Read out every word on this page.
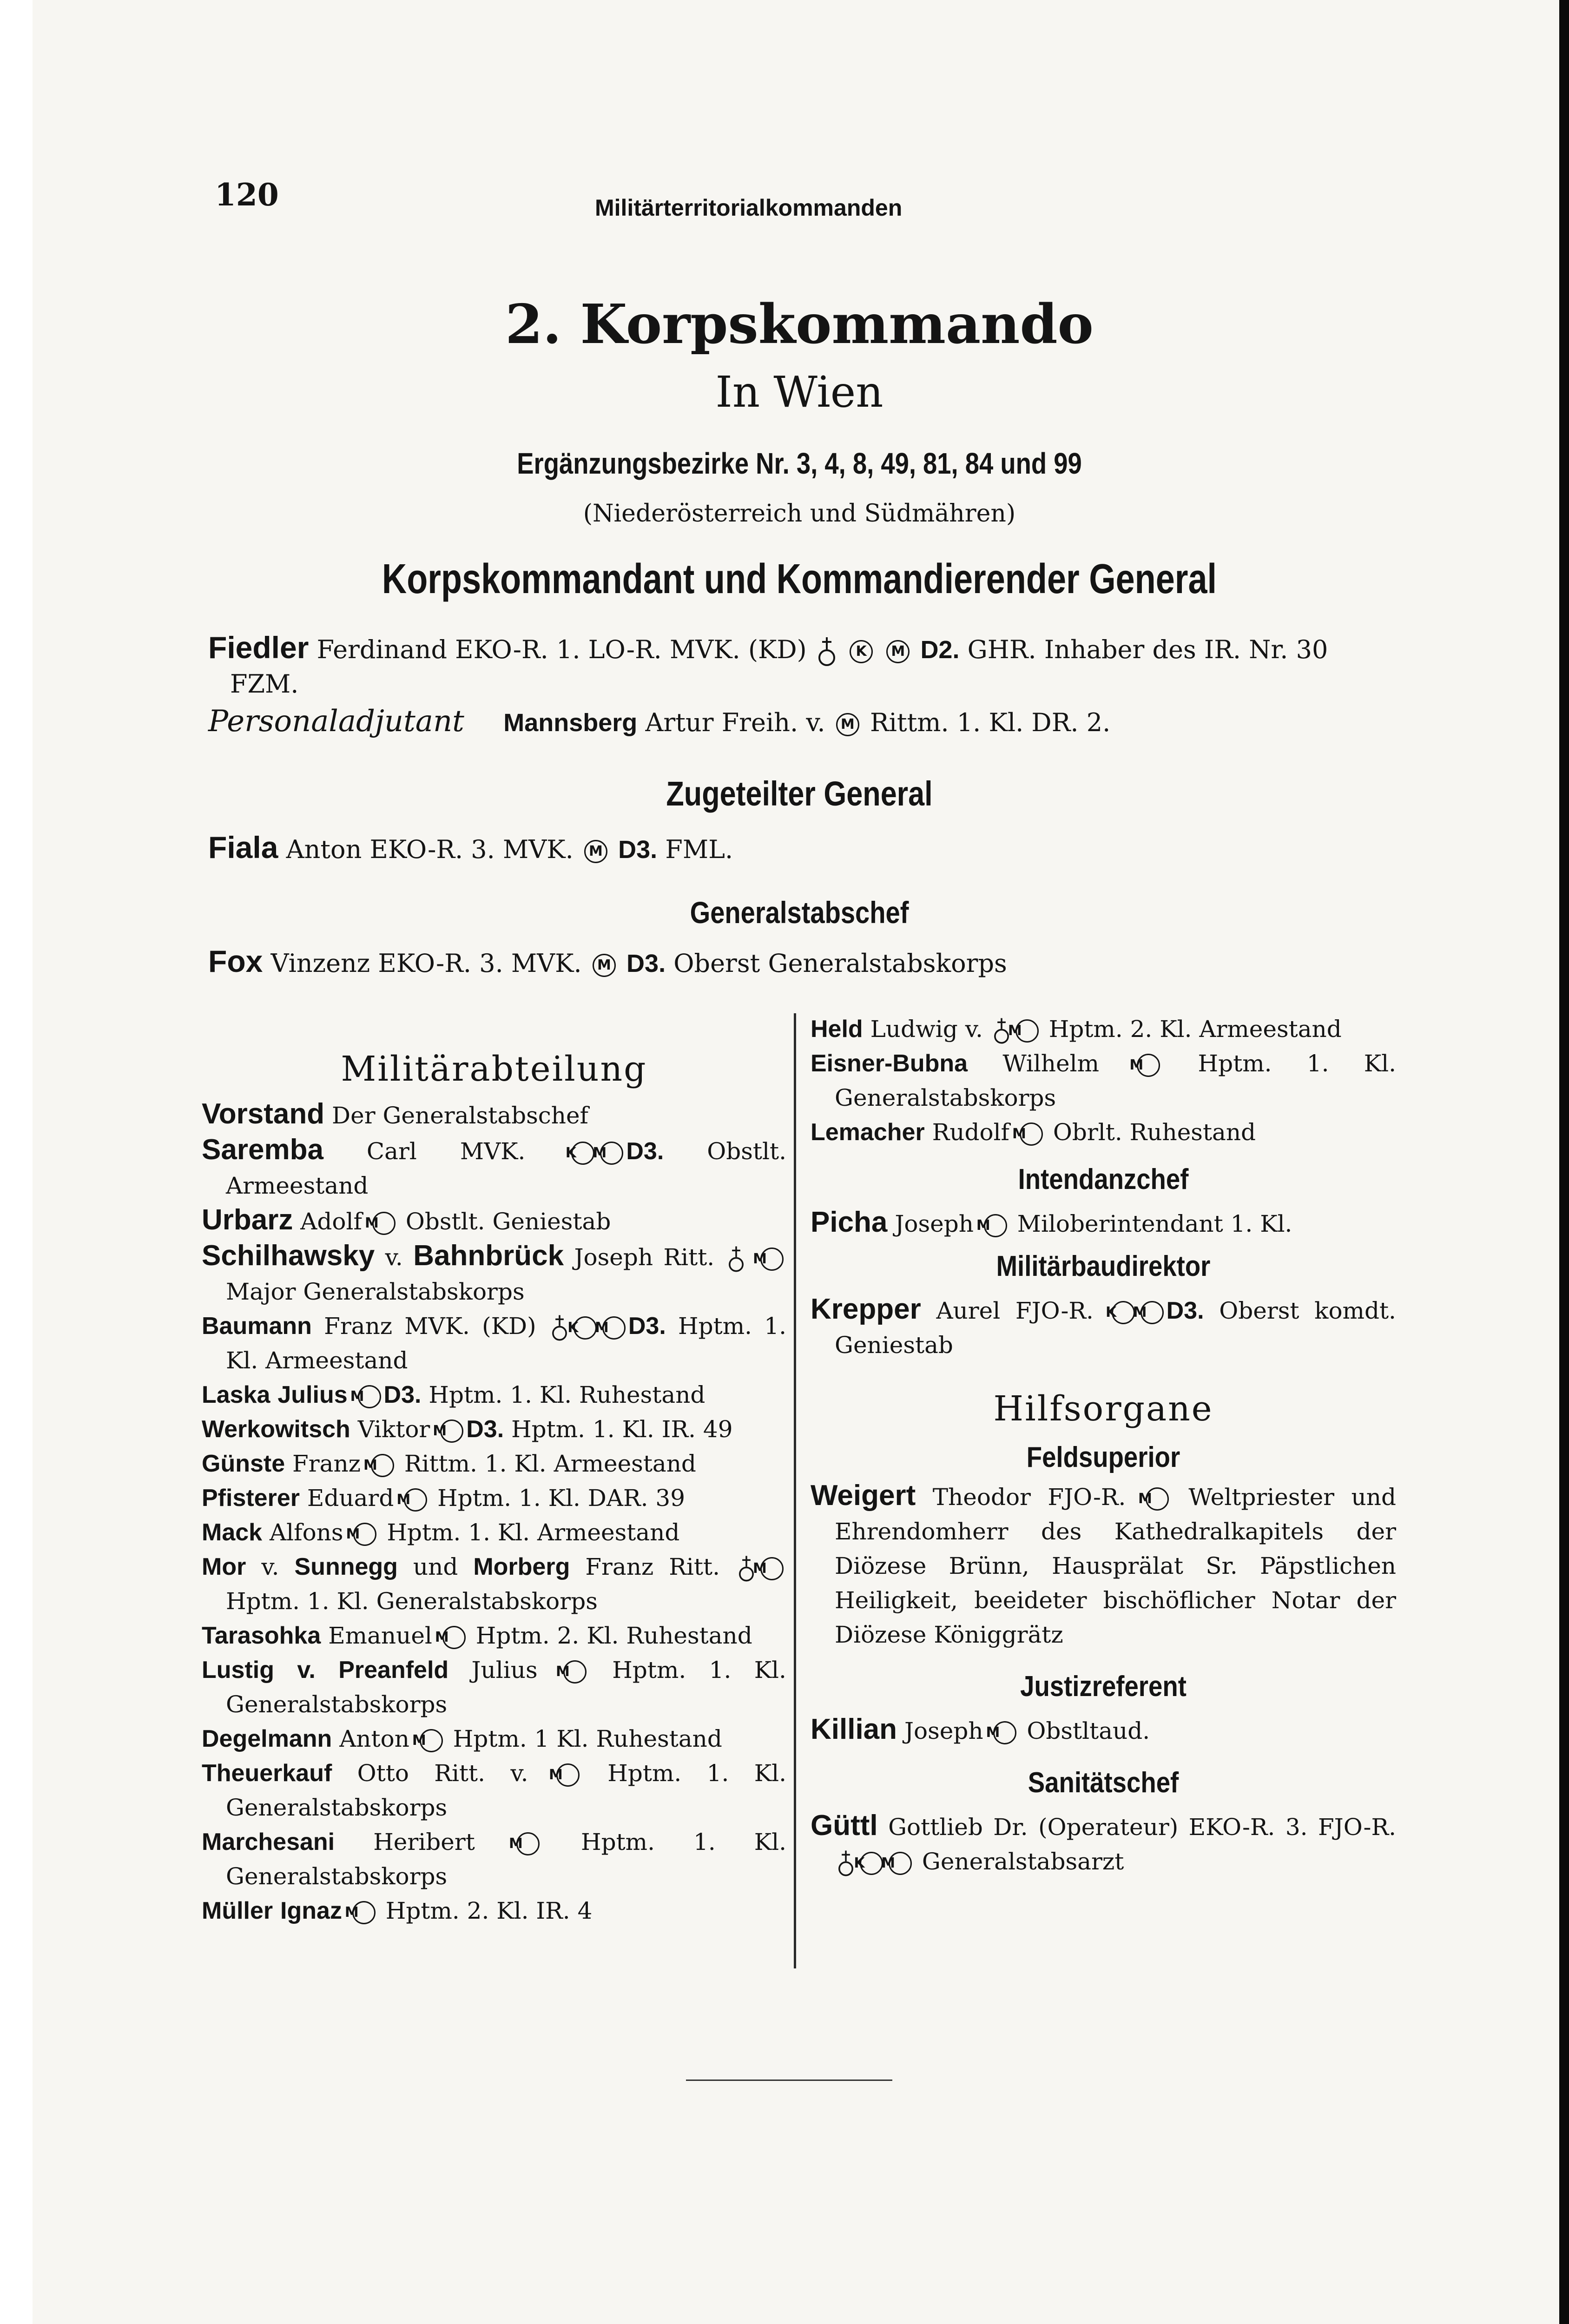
120	Militärterritorialkommanden
2. Korpskommando
In Wien
Ergänzungsbezirke Nr. 3, 4, 8, 49, 81, 84 und 99
(Niederösterreich und Südmähren)
Korpskommandant und Kommandierender General
Fiedler Ferdinand EKO-R. 1. LO-R. MVK. (KD)	K M D2. GHR. Inhaber des IR. Nr. 30
FZM.
Personaladjutant Mannsberg Artur Freih. v. M Rittm. 1. Kl. DR. 2.
Zugeteilter General
Fiala Anton EKO-R. 3. MVK. M D3. FML.
Generalstabschef
Fox Vinzenz EKO-R. 3. MVK. M D3. Oberst Generalstabskorps

Militärabteilung

Vorstand Der Generalstabschef

Saremba Carl MVK.	K M D3. Obstlt. Armeestand

Urbarz Adolf M Obstlt. Geniestab

Schilhawsky v. Bahnbrück Joseph Ritt.	M Major Generalstabskorps

Baumann Franz MVK. (KD) K M D3. Hptm. 1. Kl. Armeestand

Laska Julius M D3. Hptm. 1. Kl. Ruhestand

Werkowitsch Viktor M D3. Hptm. 1. Kl. IR. 49

Günste Franz M Rittm. 1. Kl. Armeestand

Pfisterer Eduard M Hptm. 1. Kl. DAR. 39

Mack Alfons M Hptm. 1. Kl. Armeestand

Mor v. Sunnegg und Morberg Franz Ritt. M Hptm. 1. Kl. Generalstabskorps

Tarasohka Emanuel M Hptm. 2. Kl. Ruhestand

Lustig v. Preanfeld Julius M Hptm. 1. Kl. Generalstabskorps

Degelmann Anton M Hptm. 1 Kl. Ruhestand

Theuerkauf Otto Ritt. v. M Hptm. 1. Kl. Generalstabskorps

Marchesani Heribert M	Hptm. 1. Kl. Generalstabskorps

Müller Ignaz M Hptm. 2. Kl. IR. 4

Held Ludwig v. M Hptm. 2. Kl. Armeestand

Eisner-Bubna Wilhelm M Hptm. 1. Kl. Generalstabskorps

Lemacher Rudolf M Obrlt. Ruhestand

Intendanzchef

Picha Joseph M Miloberintendant 1. Kl.

Militärbaudirektor

Krepper Aurel FJO-R. K M D3. Oberst komdt. Geniestab

Hilfsorgane

Feldsuperior

Weigert Theodor FJO-R. M Weltpriester und Ehrendomherr des Kathedralkapitels der Diözese Brünn, Hausprälat Sr. Päpstlichen Heiligkeit, beeideter bischöflicher Notar der Diözese Königgrätz

Justizreferent

Killian Joseph M Obstltaud.

Sanitätschef

Güttl Gottlieb Dr. (Operateur) EKO-R. 3. FJO-R. K M Generalstabsarzt
